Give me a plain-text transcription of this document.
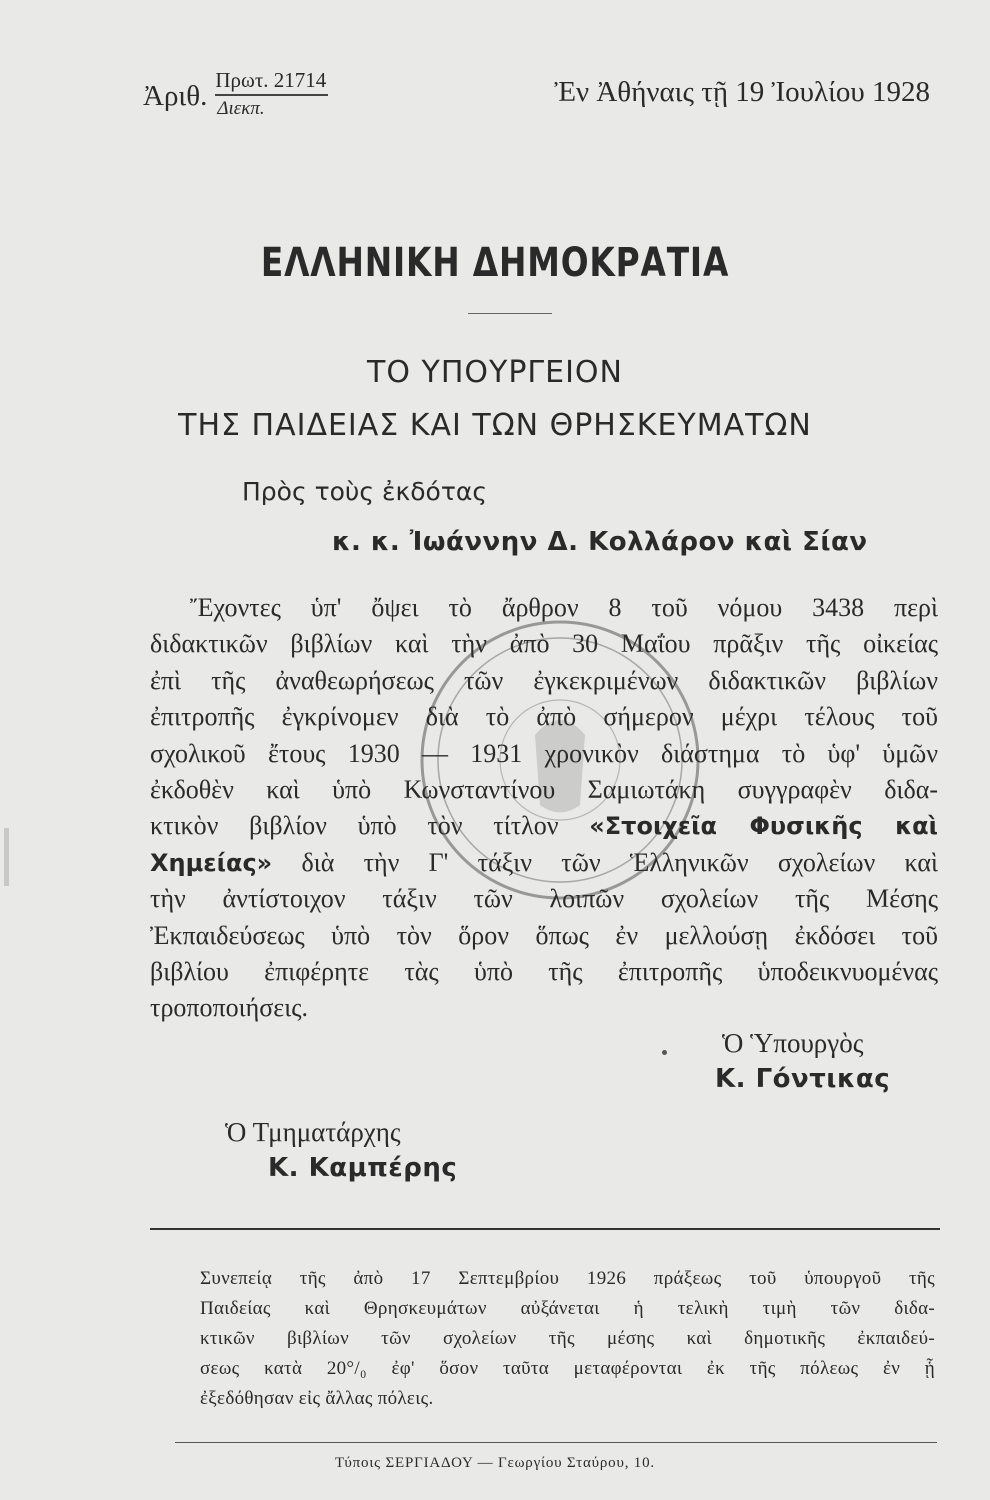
Ἀριθ. $\frac{\text{Πρωτ. 21714}}{\text{Διεκπ.}}$	Ἐν Ἀθήναις τῇ 19 Ἰουλίου 1928
ΕΛΛΗΝΙΚΗ ΔΗΜΟΚΡΑΤΙΑ
ΤΟ ΥΠΟΥΡΓΕΙΟΝ
ΤΗΣ ΠΑΙΔΕΙΑΣ ΚΑΙ ΤΩΝ ΘΡΗΣΚΕΥΜΑΤΩΝ
Πρὸς τοὺς ἐκδότας
κ. κ. Ἰωάννην Δ. Κολλάρον καὶ Σίαν
Ἔχοντες ὑπ' ὄψει τὸ ἄρθρον 8 τοῦ νόμου 3438 περὶ
διδακτικῶν βιβλίων καὶ τὴν ἀπὸ 30 Μαΐου πρᾶξιν τῆς οἰκείας
ἐπὶ τῆς ἀναθεωρήσεως τῶν ἐγκεκριμένων διδακτικῶν βιβλίων
ἐπιτροπῆς ἐγκρίνομεν διὰ τὸ ἀπὸ σήμερον μέχρι τέλους τοῦ
σχολικοῦ ἔτους 1930 — 1931 χρονικὸν διάστημα τὸ ὑφ' ὑμῶν
ἐκδοθὲν καὶ ὑπὸ Κωνσταντίνου Σαμιωτάκη συγγραφὲν διδα-
κτικὸν βιβλίον ὑπὸ τὸν τίτλον «Στοιχεῖα Φυσικῆς καὶ
Χημείας» διὰ τὴν Γ' τάξιν τῶν Ἑλληνικῶν σχολείων καὶ
τὴν ἀντίστοιχον τάξιν τῶν λοιπῶν σχολείων τῆς Μέσης
Ἐκπαιδεύσεως ὑπὸ τὸν ὅρον ὅπως ἐν μελλούσῃ ἐκδόσει τοῦ
βιβλίου ἐπιφέρητε τὰς ὑπὸ τῆς ἐπιτροπῆς ὑποδεικνυομένας
τροποποιήσεις.
Ὁ Ὑπουργὸς
Κ. Γόντικας
Ὁ Τμηματάρχης
Κ. Καμπέρης
Συνεπείᾳ τῆς ἀπὸ 17 Σεπτεμβρίου 1926 πράξεως τοῦ ὑπουργοῦ τῆς
Παιδείας καὶ Θρησκευμάτων αὐξάνεται ἡ τελικὴ τιμὴ τῶν διδα-
κτικῶν βιβλίων τῶν σχολείων τῆς μέσης καὶ δημοτικῆς ἐκπαιδεύ-
σεως κατὰ 20°/₀ ἐφ' ὅσον ταῦτα μεταφέρονται ἐκ τῆς πόλεως ἐν ᾗ
ἐξεδόθησαν εἰς ἄλλας πόλεις.
Τύποις ΣΕΡΓΙΑΔΟΥ — Γεωργίου Σταύρου, 10.
